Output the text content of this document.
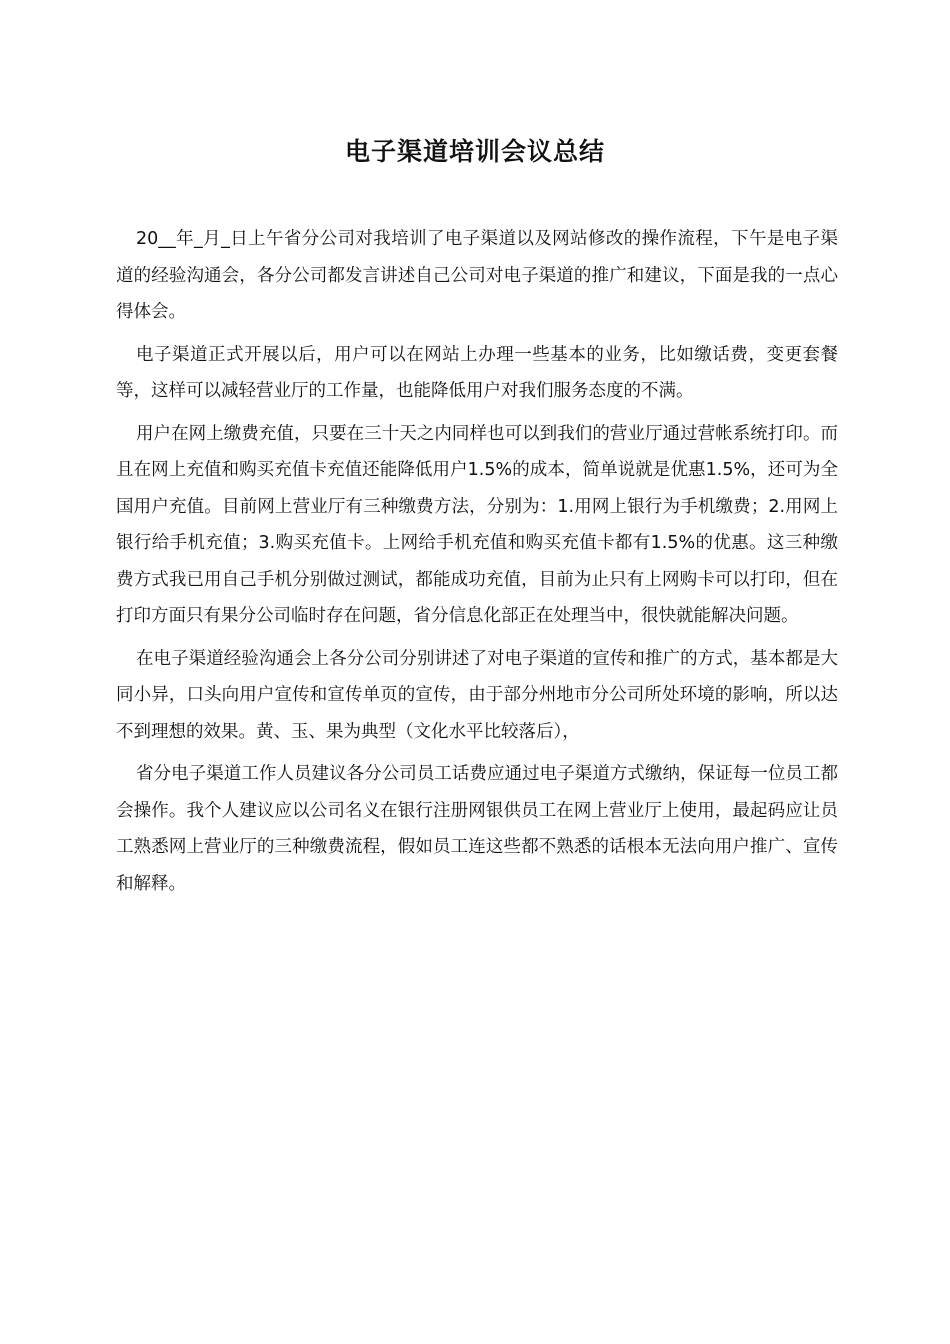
电子渠道培训会议总结

20__年_月_日上午省分公司对我培训了电子渠道以及网站修改的操作流程，下午是电子渠道的经验沟通会，各分公司都发言讲述自己公司对电子渠道的推广和建议，下面是我的一点心得体会。

电子渠道正式开展以后，用户可以在网站上办理一些基本的业务，比如缴话费，变更套餐等，这样可以减轻营业厅的工作量，也能降低用户对我们服务态度的不满。

用户在网上缴费充值，只要在三十天之内同样也可以到我们的营业厅通过营帐系统打印。而且在网上充值和购买充值卡充值还能降低用户1.5%的成本，简单说就是优惠1.5%，还可为全国用户充值。目前网上营业厅有三种缴费方法，分别为：1.用网上银行为手机缴费；2.用网上银行给手机充值；3.购买充值卡。上网给手机充值和购买充值卡都有1.5%的优惠。这三种缴费方式我已用自己手机分别做过测试，都能成功充值，目前为止只有上网购卡可以打印，但在打印方面只有果分公司临时存在问题，省分信息化部正在处理当中，很快就能解决问题。

在电子渠道经验沟通会上各分公司分别讲述了对电子渠道的宣传和推广的方式，基本都是大同小异，口头向用户宣传和宣传单页的宣传，由于部分州地市分公司所处环境的影响，所以达不到理想的效果。黄、玉、果为典型（文化水平比较落后），

省分电子渠道工作人员建议各分公司员工话费应通过电子渠道方式缴纳，保证每一位员工都会操作。我个人建议应以公司名义在银行注册网银供员工在网上营业厅上使用，最起码应让员工熟悉网上营业厅的三种缴费流程，假如员工连这些都不熟悉的话根本无法向用户推广、宣传和解释。
